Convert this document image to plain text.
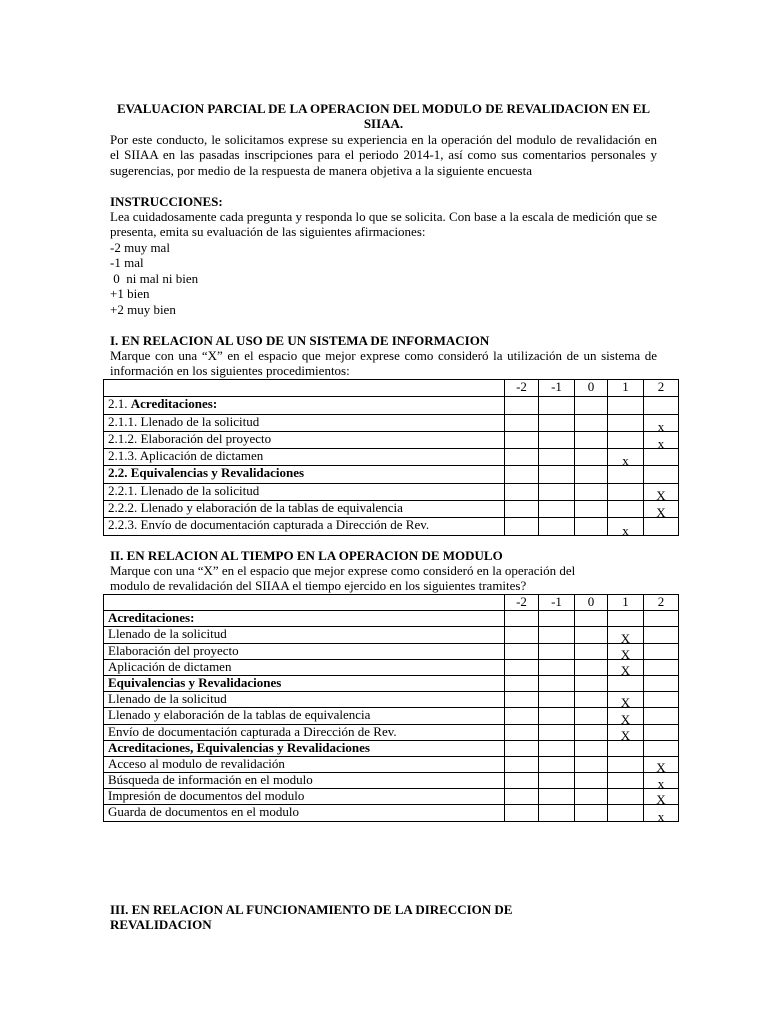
EVALUACION PARCIAL DE LA OPERACION DEL MODULO DE REVALIDACION EN EL SIIAA.
Por este conducto, le solicitamos exprese su experiencia en la operación del modulo de revalidación en el SIIAA en las pasadas inscripciones para el periodo 2014-1, así como sus comentarios personales y sugerencias, por medio de la respuesta de manera objetiva a la siguiente encuesta
INSTRUCCIONES:
Lea cuidadosamente cada pregunta y responda lo que se solicita. Con base a la escala de medición que se presenta, emita su evaluación de las siguientes afirmaciones:
-2 muy mal
-1 mal
0  ni mal ni bien
+1 bien
+2 muy bien
I. EN RELACION AL USO DE UN SISTEMA DE INFORMACION
Marque con una “X” en el espacio que mejor exprese como consideró la utilización de un sistema de información en los siguientes procedimientos:
	-2	-1	0	1	2
2.1. Acreditaciones:					
2.1.1. Llenado de la solicitud					x
2.1.2. Elaboración del proyecto					x
2.1.3. Aplicación de dictamen				x	
2.2. Equivalencias y Revalidaciones					
2.2.1. Llenado de la solicitud					X
2.2.2. Llenado y elaboración de la tablas de equivalencia					X
2.2.3. Envío de documentación capturada a Dirección de Rev.				x	
II. EN RELACION AL TIEMPO EN LA OPERACION DE MODULO
Marque con una “X” en el espacio que mejor exprese como consideró en la operación del
modulo de revalidación del SIIAA el tiempo ejercido en los siguientes tramites?
	-2	-1	0	1	2
Acreditaciones:					
Llenado de la solicitud				X	
Elaboración del proyecto				X	
Aplicación de dictamen				X	
Equivalencias y Revalidaciones					
Llenado de la solicitud				X	
Llenado y elaboración de la tablas de equivalencia				X	
Envío de documentación capturada a Dirección de Rev.				X	
Acreditaciones, Equivalencias y Revalidaciones					
Acceso al modulo de revalidación					X
Búsqueda de información en el modulo					x
Impresión de documentos del modulo					X
Guarda de documentos en el modulo					x
III. EN RELACION AL FUNCIONAMIENTO DE LA DIRECCION DE
REVALIDACION
